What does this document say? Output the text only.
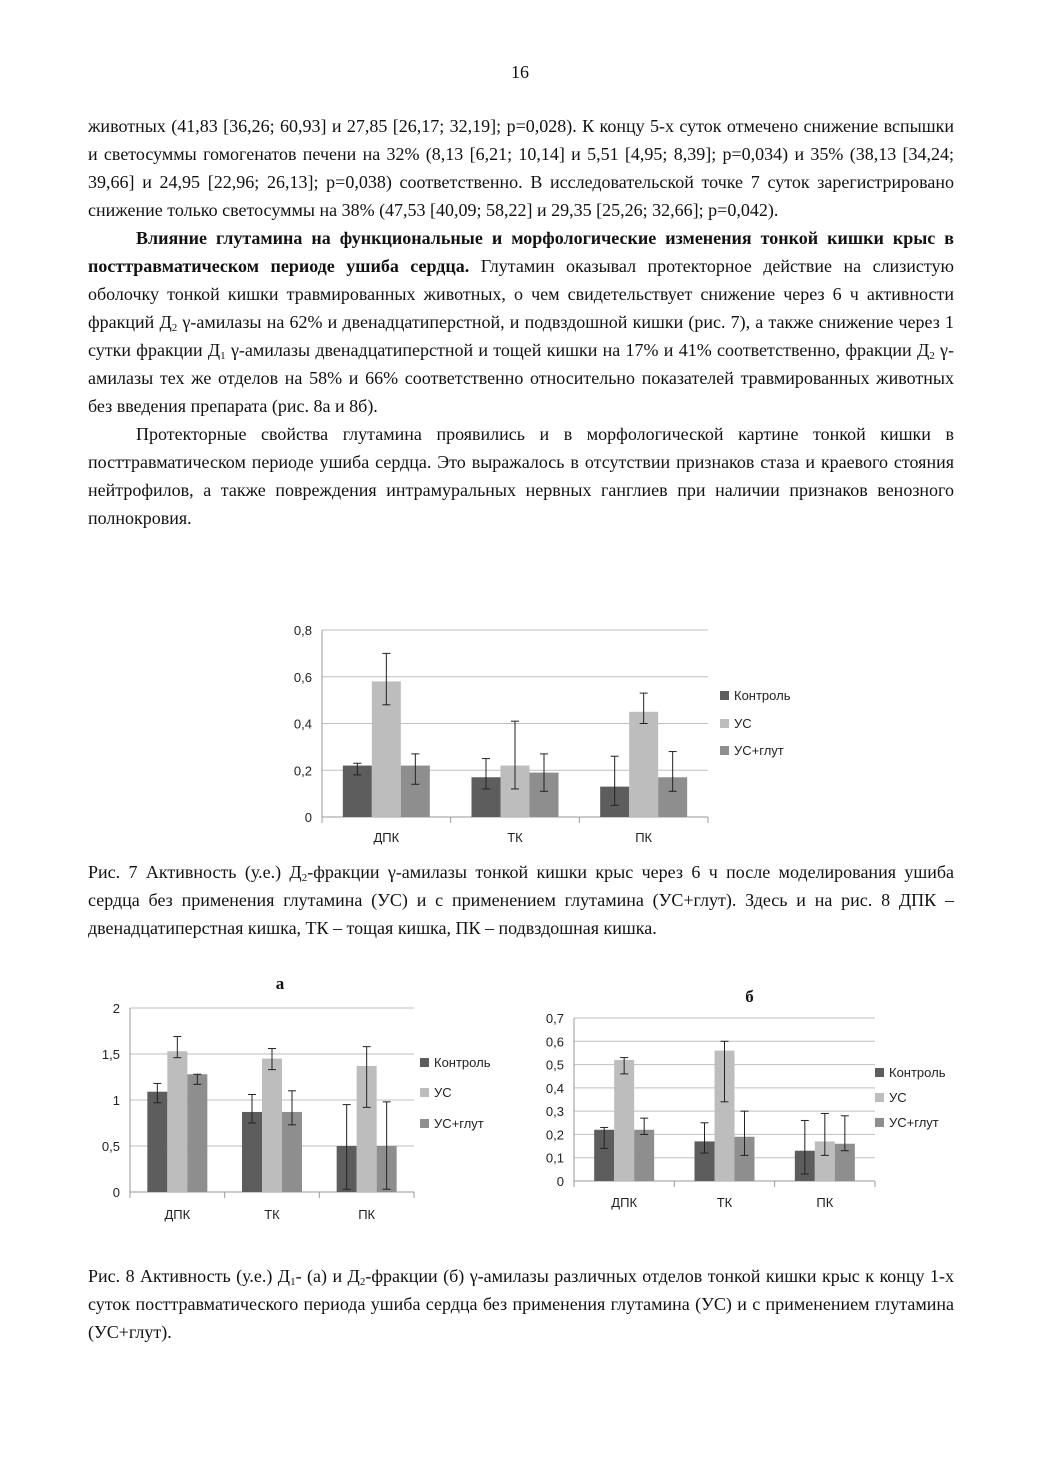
16

животных (41,83 [36,26; 60,93] и 27,85 [26,17; 32,19]; p=0,028). К концу 5-х суток отмечено снижение вспышки и светосуммы гомогенатов печени на 32% (8,13 [6,21; 10,14] и 5,51 [4,95; 8,39]; p=0,034) и 35% (38,13 [34,24; 39,66] и 24,95 [22,96; 26,13]; p=0,038) соответственно. В исследовательской точке 7 суток зарегистрировано снижение только светосуммы на 38% (47,53 [40,09; 58,22] и 29,35 [25,26; 32,66]; p=0,042).

Влияние глутамина на функциональные и морфологические изменения тонкой кишки крыс в посттравматическом периоде ушиба сердца. Глутамин оказывал протекторное действие на слизистую оболочку тонкой кишки травмированных животных, о чем свидетельствует снижение через 6 ч активности фракций $Д_2$ γ-амилазы на 62% и двенадцатиперстной, и подвздошной кишки (рис. 7), а также снижение через 1 сутки фракции $Д_1$ γ-амилазы двенадцатиперстной и тощей кишки на 17% и 41% соответственно, фракции $Д_2$ γ-амилазы тех же отделов на 58% и 66% соответственно относительно показателей травмированных животных без введения препарата (рис. 8а и 8б).

Протекторные свойства глутамина проявились и в морфологической картине тонкой кишки в посттравматическом периоде ушиба сердца. Это выражалось в отсутствии признаков стаза и краевого стояния нейтрофилов, а также повреждения интрамуральных нервных ганглиев при наличии признаков венозного полнокровия.

0
0,2
0,4
0,6
0,8
ДПК	ТК	ПК
Контроль
УС
УС+глут

Рис. 7 Активность (у.е.) $Д_2$-фракции γ-амилазы тонкой кишки крыс через 6 ч после моделирования ушиба сердца без применения глутамина (УС) и с применением глутамина (УС+глут). Здесь и на рис. 8 ДПК – двенадцатиперстная кишка, ТК – тощая кишка, ПК – подвздошная кишка.

0
0,5
1
1,5
2
ДПК	ТК	ПК
Контроль
УС
УС+глут
а
0
0,1
0,2
0,3
0,4
0,5
0,6
0,7
ДПК	ТК	ПК
Контроль
УС
УС+глут
б

Рис. 8 Активность (у.е.) $Д_1-$ (а) и $Д_2$-фракции (б) γ-амилазы различных отделов тонкой кишки крыс к концу 1-х суток посттравматического периода ушиба сердца без применения глутамина (УС) и с применением глутамина (УС+глут).
